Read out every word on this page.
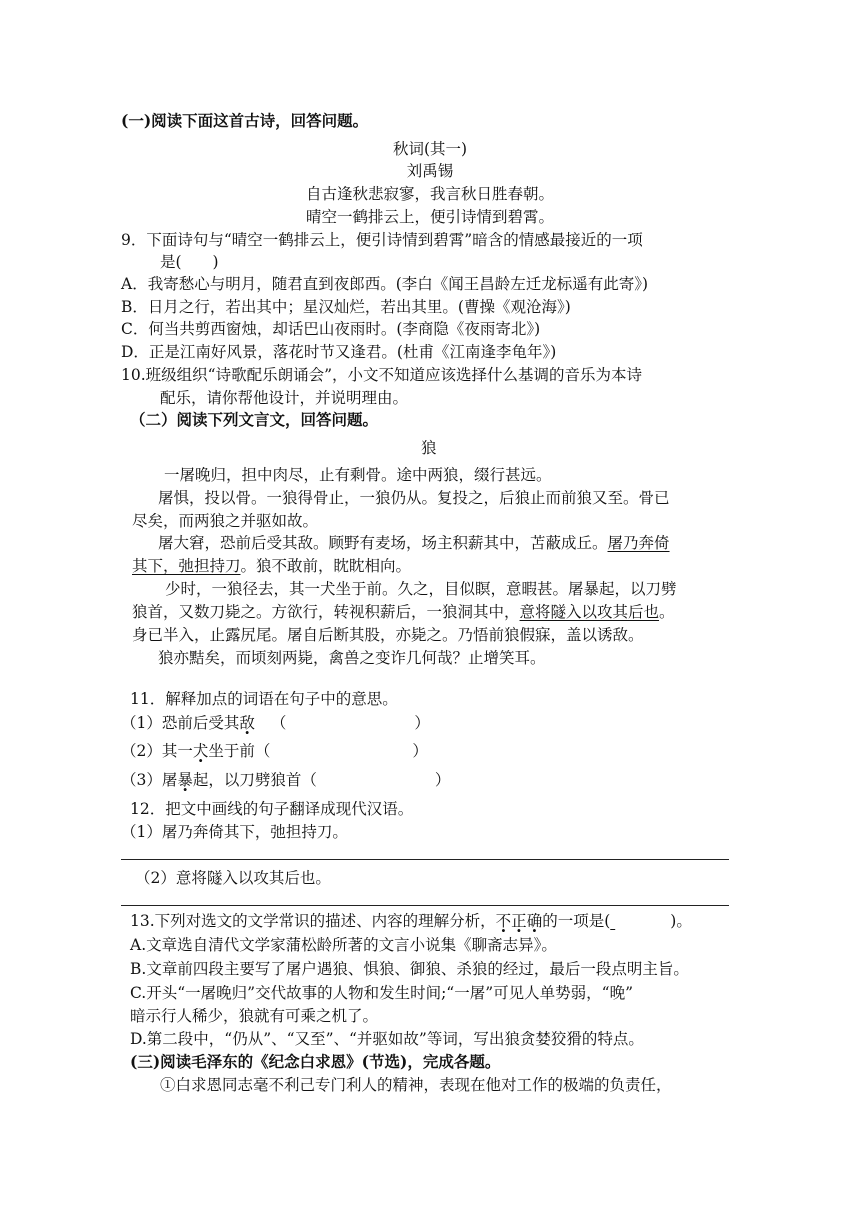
(一)阅读下面这首古诗，回答问题。
秋词(其一)
刘禹锡
自古逢秋悲寂寥，我言秋日胜春朝。
晴空一鹤排云上，便引诗情到碧霄。
9．下面诗句与“晴空一鹤排云上，便引诗情到碧霄”暗含的情感最接近的一项
是(　　)
A．我寄愁心与明月，随君直到夜郎西。(李白《闻王昌龄左迁龙标遥有此寄》)
B．日月之行，若出其中；星汉灿烂，若出其里。(曹操《观沧海》)
C．何当共剪西窗烛，却话巴山夜雨时。(李商隐《夜雨寄北》)
D．正是江南好风景，落花时节又逢君。(杜甫《江南逢李龟年》)
10.班级组织“诗歌配乐朗诵会”，小文不知道应该选择什么基调的音乐为本诗
配乐，请你帮他设计，并说明理由。
（二）阅读下列文言文，回答问题。
狼
一屠晚归，担中肉尽，止有剩骨。途中两狼，缀行甚远。
屠惧，投以骨。一狼得骨止，一狼仍从。复投之，后狼止而前狼又至。骨已
尽矣，而两狼之并驱如故。
屠大窘，恐前后受其敌。顾野有麦场，场主积薪其中，苫蔽成丘。屠乃奔倚
其下，弛担持刀。狼不敢前，眈眈相向。
少时，一狼径去，其一犬坐于前。久之，目似瞑，意暇甚。屠暴起，以刀劈
狼首，又数刀毙之。方欲行，转视积薪后，一狼洞其中，意将隧入以攻其后也。
身已半入，止露尻尾。屠自后断其股，亦毙之。乃悟前狼假寐，盖以诱敌。
狼亦黠矣，而顷刻两毙，禽兽之变诈几何哉？止增笑耳。
11．解释加点的词语在句子中的意思。
（1）恐前后受其敌 （	）
（2）其一犬坐于前（	）
（3）屠暴起，以刀劈狼首（	）
12．把文中画线的句子翻译成现代汉语。
（1）屠乃奔倚其下，弛担持刀。
（2）意将隧入以攻其后也。
13.下列对选文的文学常识的描述、内容的理解分析，不正确的一项是(	)。
A.文章选自清代文学家蒲松龄所著的文言小说集《聊斋志异》。
B.文章前四段主要写了屠户遇狼、惧狼、御狼、杀狼的经过，最后一段点明主旨。
C.开头“一屠晚归”交代故事的人物和发生时间;“一屠”可见人单势弱，“晚”
暗示行人稀少，狼就有可乘之机了。
D.第二段中，“仍从”、“又至”、“并驱如故”等词，写出狼贪婪狡猾的特点。
(三)阅读毛泽东的《纪念白求恩》(节选)，完成各题。
①白求恩同志毫不利己专门利人的精神，表现在他对工作的极端的负责任，
